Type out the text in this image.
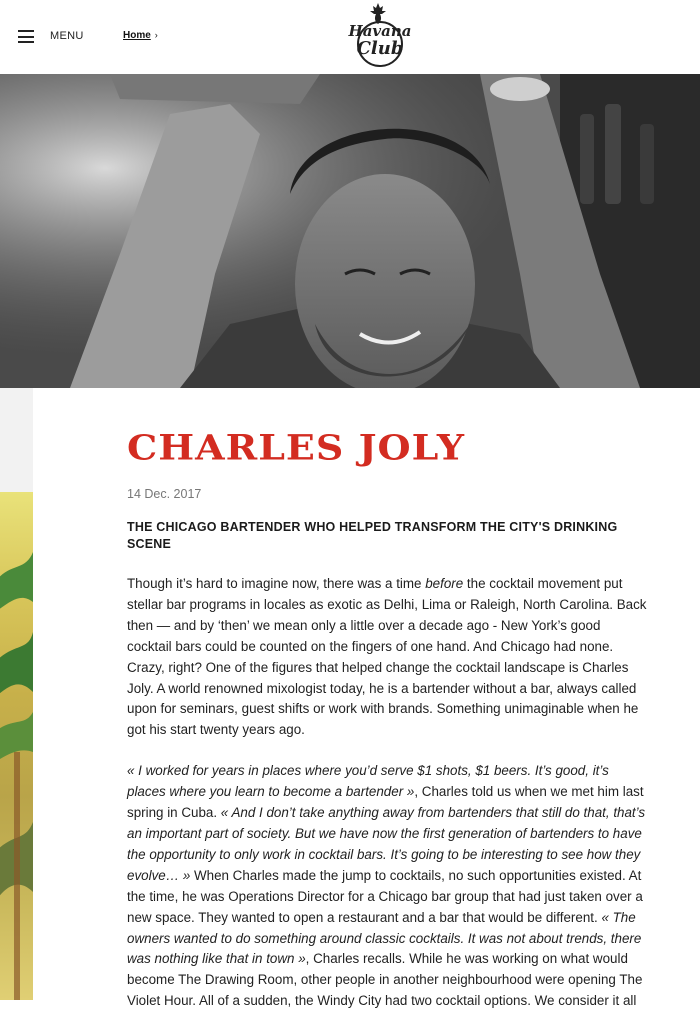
MENU	Home ›	Havana
Club
CHARLES JOLY
14 Dec. 2017
THE CHICAGO BARTENDER WHO HELPED TRANSFORM THE CITY'S DRINKING SCENE

Though it’s hard to imagine now, there was a time before the cocktail movement put stellar bar programs in locales as exotic as Delhi, Lima or Raleigh, North Carolina. Back then — and by ‘then’ we mean only a little over a decade ago - New York’s good cocktail bars could be counted on the fingers of one hand. And Chicago had none. Crazy, right? One of the figures that helped change the cocktail landscape is Charles Joly. A world renowned mixologist today, he is a bartender without a bar, always called upon for seminars, guest shifts or work with brands. Something unimaginable when he got his start twenty years ago.

« I worked for years in places where you’d serve $1 shots, $1 beers. It’s good, it’s places where you learn to become a bartender », Charles told us when we met him last spring in Cuba. « And I don’t take anything away from bartenders that still do that, that’s an important part of society. But we have now the first generation of bartenders to have the opportunity to only work in cocktail bars. It’s going to be interesting to see how they evolve… » When Charles made the jump to cocktails, no such opportunities existed. At the time, he was Operations Director for a Chicago bar group that had just taken over a new space. They wanted to open a restaurant and a bar that would be different. « The owners wanted to do something around classic cocktails. It was not about trends, there was nothing like that in town », Charles recalls. While he was working on what would become The Drawing Room, other people in another neighbourhood were opening The Violet Hour. All of a sudden, the Windy City had two cocktail options. We consider it all
